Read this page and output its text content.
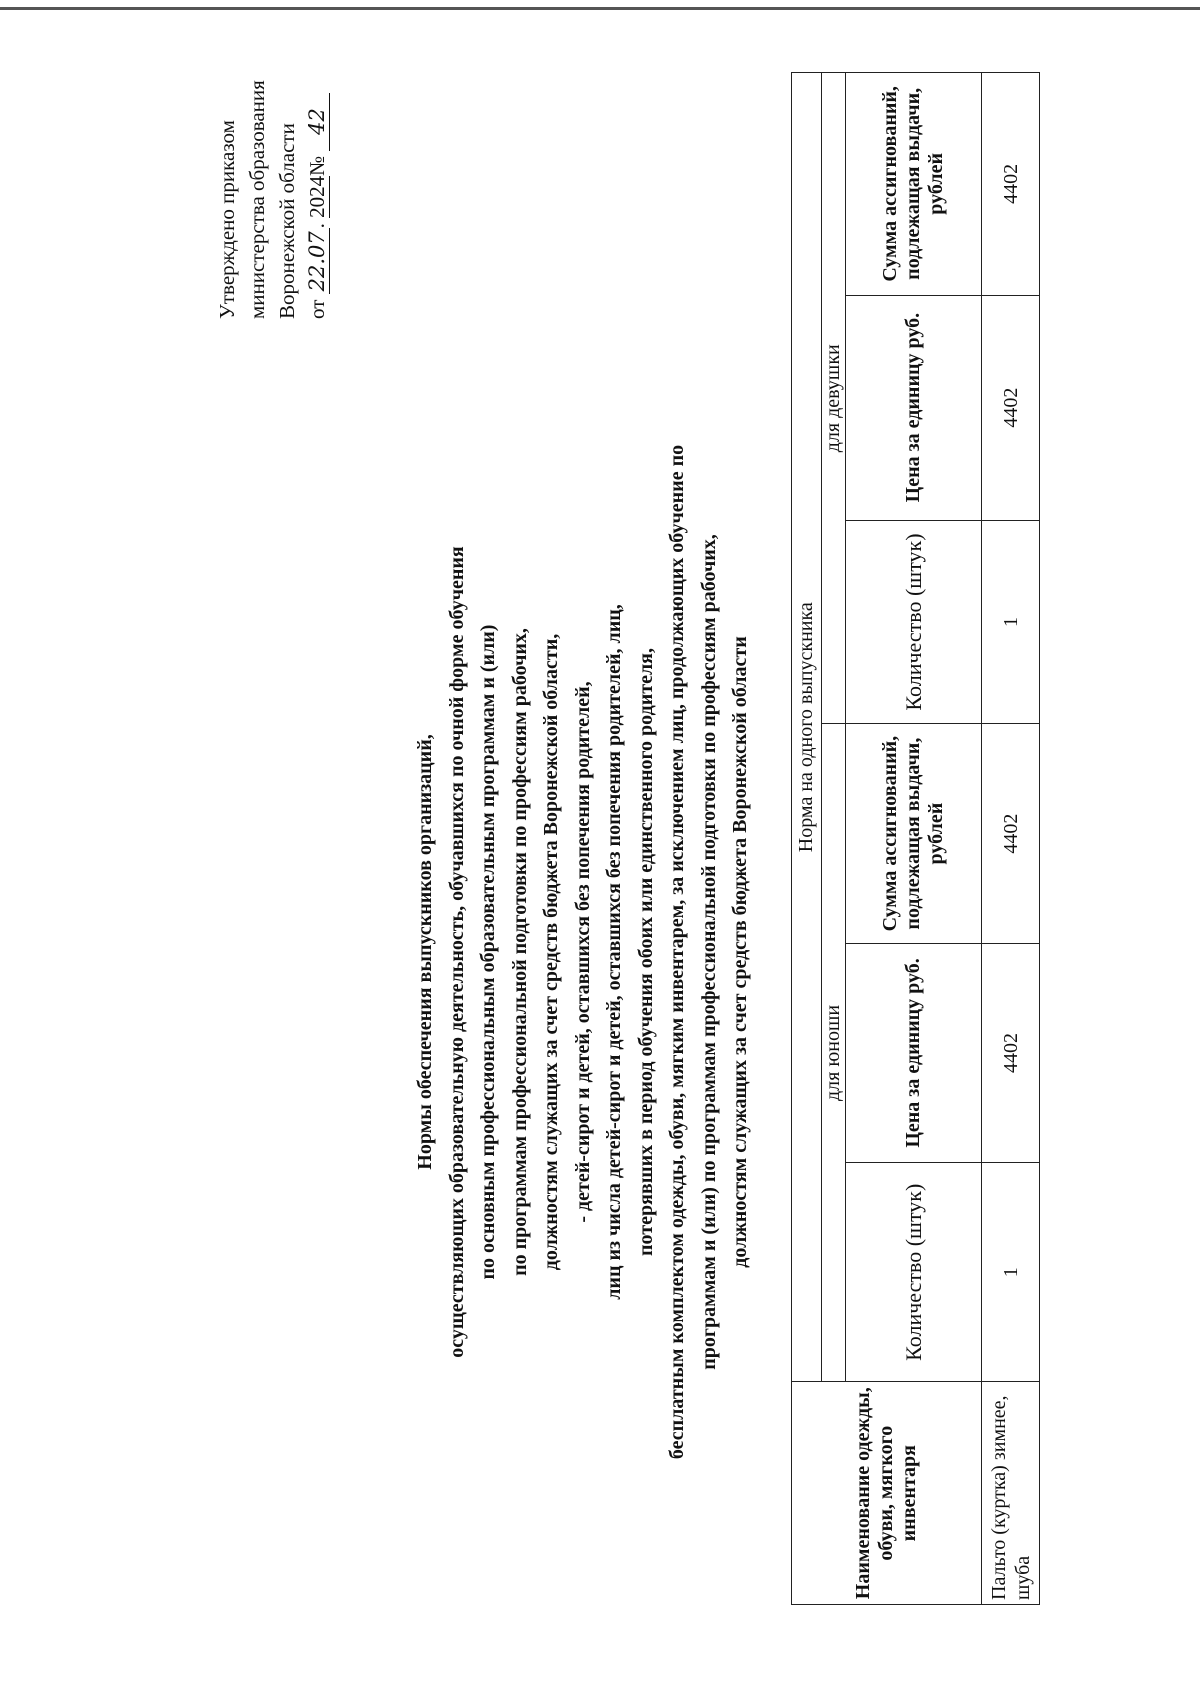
Утверждено приказом министерства образования Воронежской области от 22.07. 2024№ 42
Нормы обеспечения выпускников организаций, осуществляющих образовательную деятельность, обучавшихся по очной форме обучения по основным профессиональным образовательным программам и (или) по программам профессиональной подготовки по профессиям рабочих, должностям служащих за счет средств бюджета Воронежской области, - детей-сирот и детей, оставшихся без попечения родителей, лиц из числа детей-сирот и детей, оставшихся без попечения родителей, лиц, потерявших в период обучения обоих или единственного родителя, бесплатным комплектом одежды, обуви, мягким инвентарем, за исключением лиц, продолжающих обучение по программам и (или) по программам профессиональной подготовки по профессиям рабочих, должностям служащих за счет средств бюджета Воронежской области
Наименование одежды, обуви, мягкого инвентаря	Норма на одного выпускника					
	для юноши			для девушки		
	Количество (штук)	Цена за единицу руб.	Сумма ассигнований, подлежащая выдачи, рублей	Количество (штук)	Цена за единицу руб.	Сумма ассигнований, подлежащая выдачи, рублей
Пальто (куртка) зимнее, шуба	1	4402	4402	1	4402	4402
